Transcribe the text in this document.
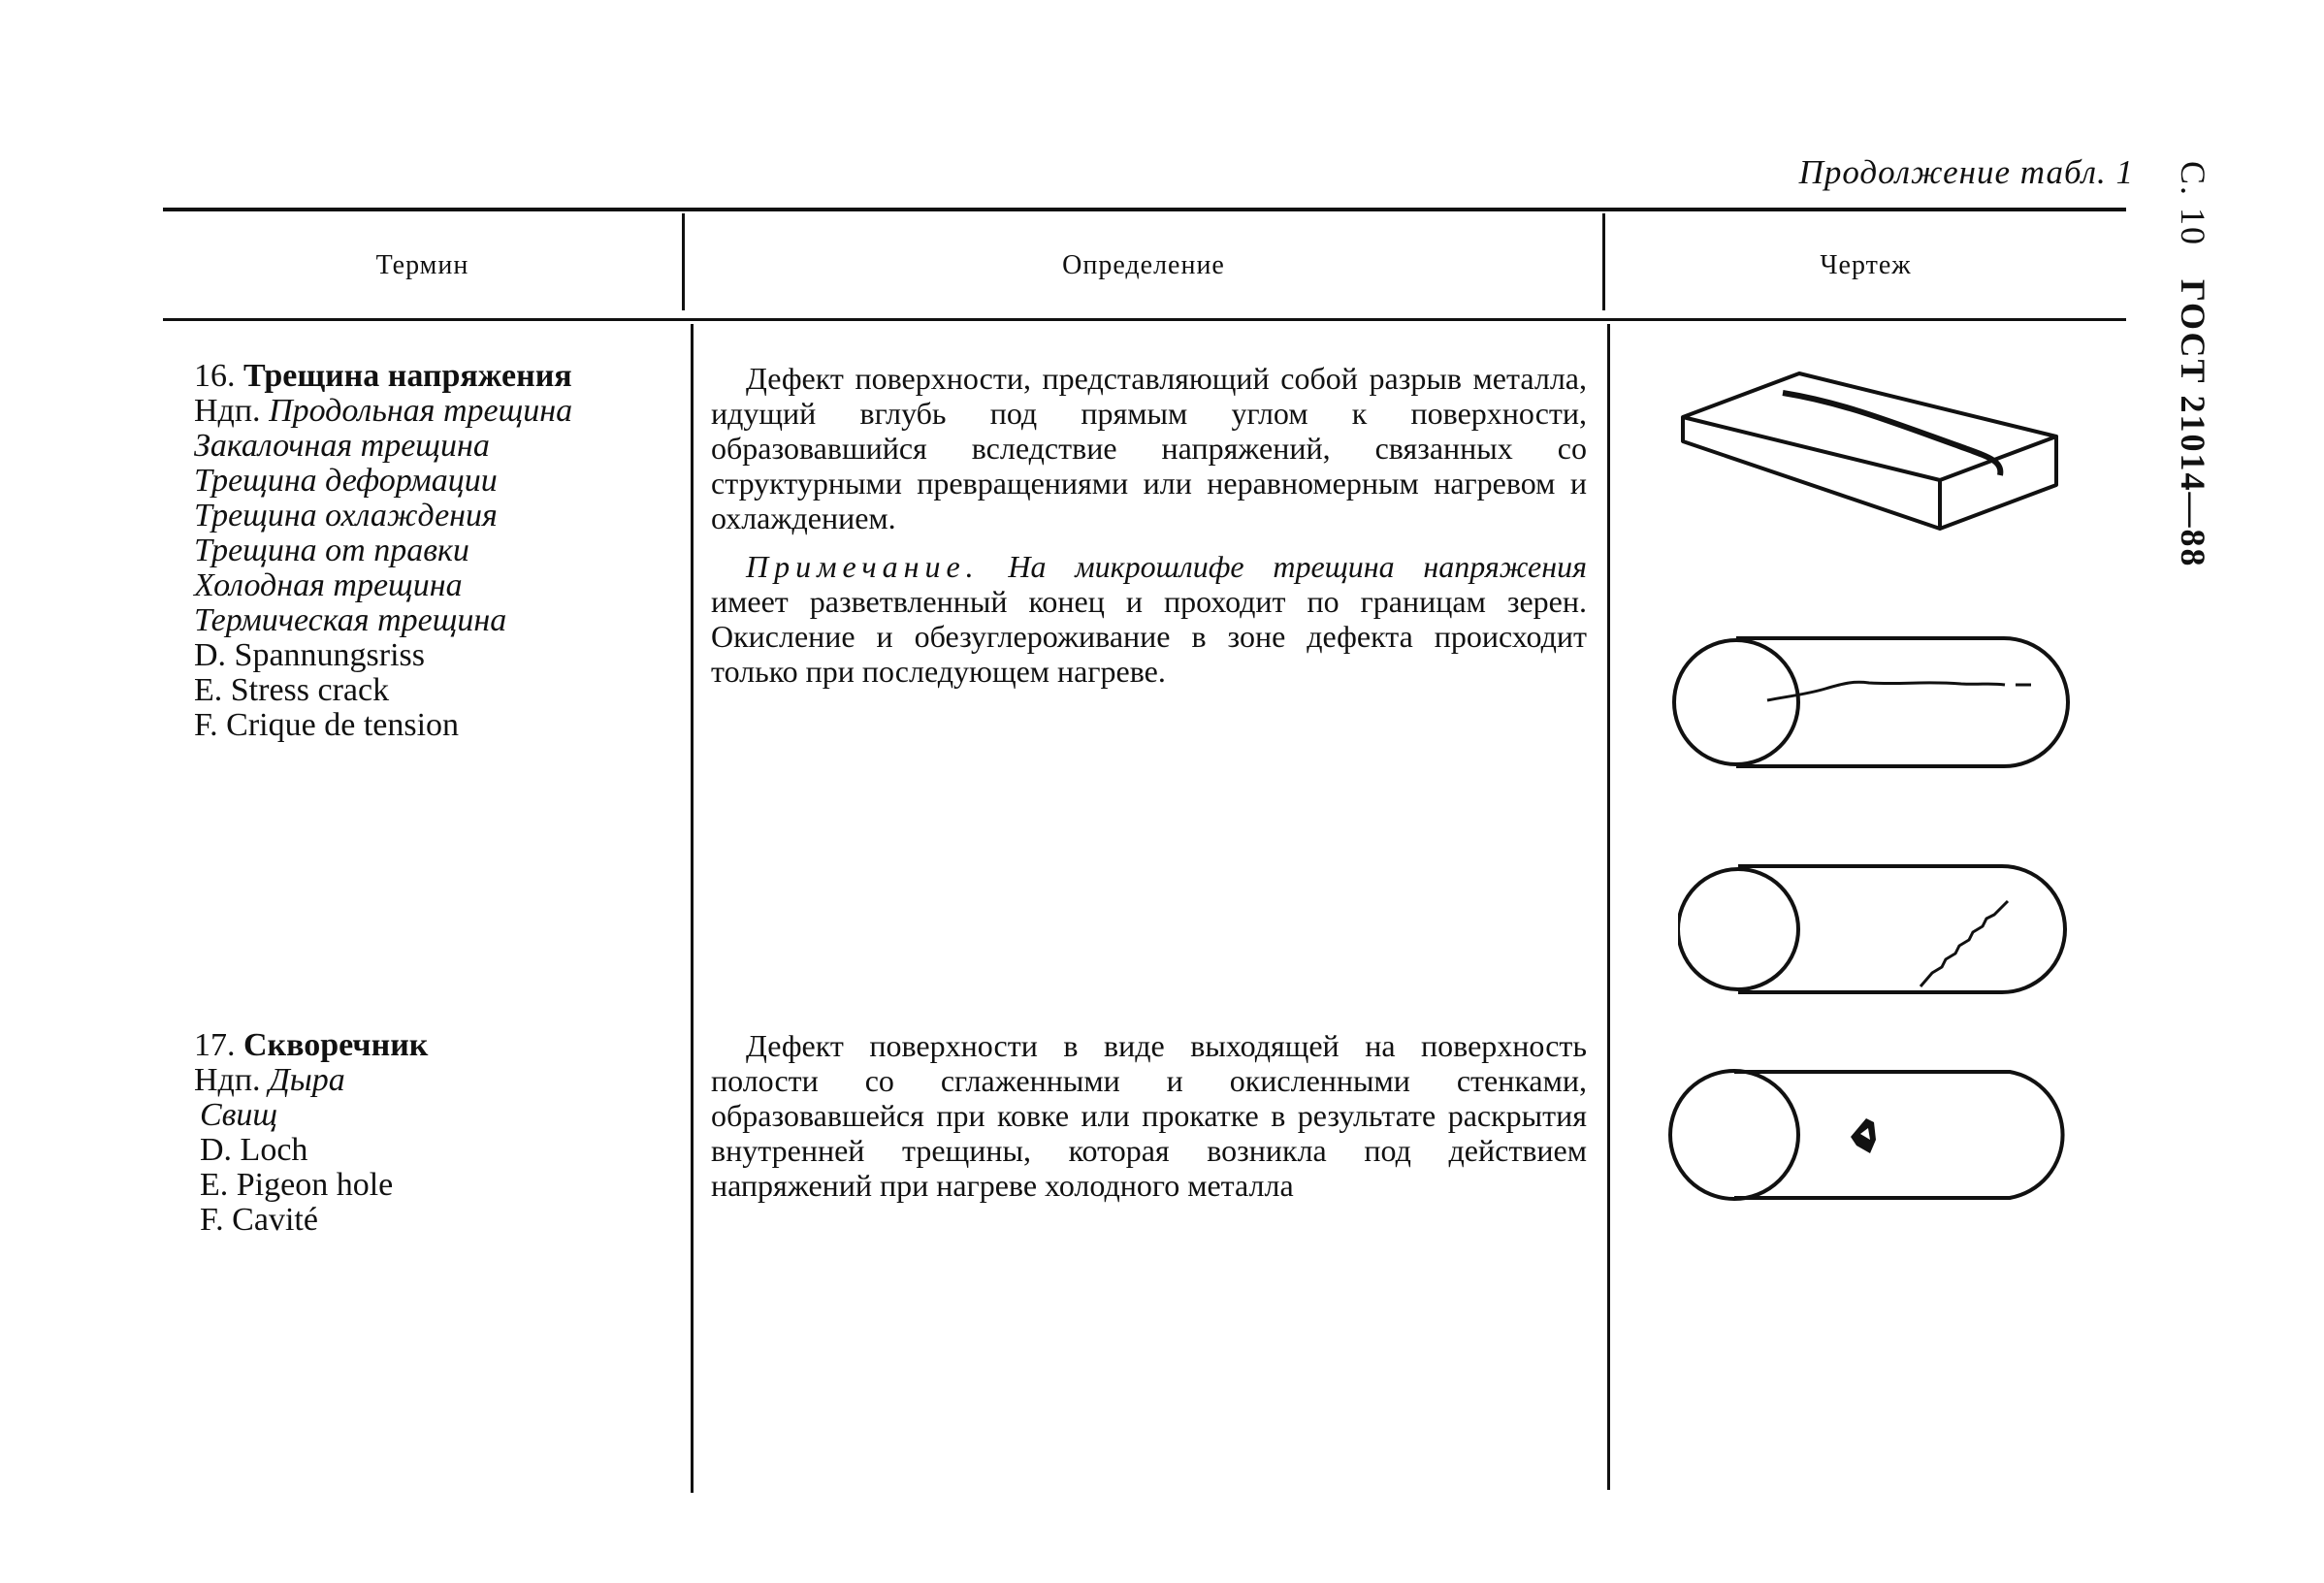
Продолжение табл. 1 С. 10ГОСТ 21014—88
Термин	Определение	Чертеж
16. Трещина напряжения
Ндп. Продольная трещина
Закалочная трещина
Трещина деформации
Трещина охлаждения
Трещина от правки
Холодная трещина
Термическая трещина
D. Spannungsriss
E. Stress crack
F. Crique de tension

Дефект поверхности, представляющий собой разрыв металла, идущий вглубь под прямым углом к поверхности, образовавшийся вследствие напряжений, связанных со структурными превращениями или неравномерным нагревом и охлаждением.

Примечание. На микрошлифе трещина напряжения имеет разветвленный конец и проходит по границам зерен. Окисление и обезуглероживание в зоне дефекта происходит только при последующем нагреве.

17. Скворечник
Ндп. Дыра
Свищ
D. Loch
E. Pigeon hole
F. Cavité

Дефект поверхности в виде выходящей на поверхность полости со сглаженными и окисленными стенками, образовавшейся при ковке или прокатке в результате раскрытия внутренней трещины, которая возникла под действием напряжений при нагреве холодного металла
